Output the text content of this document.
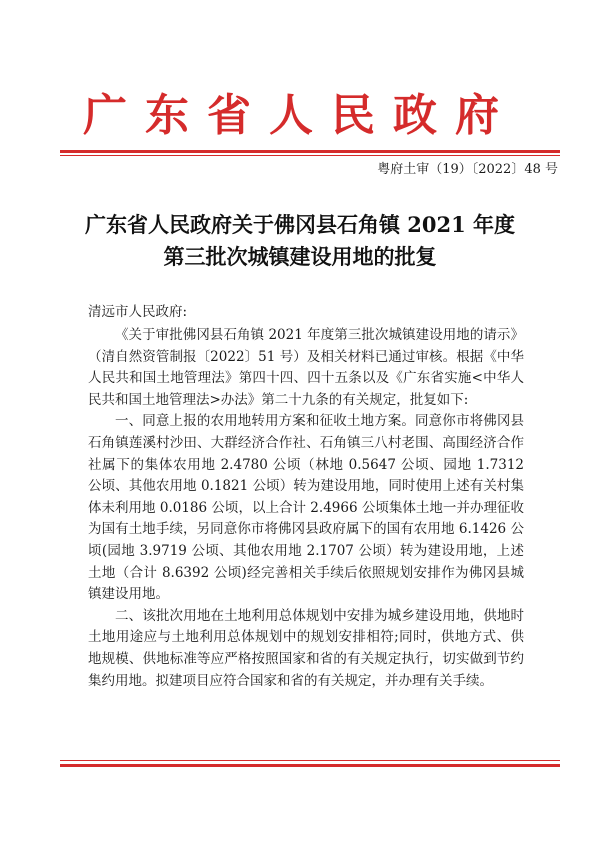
广东省人民政府
粤府土审（19）〔2022〕48 号
广东省人民政府关于佛冈县石角镇 2021 年度
第三批次城镇建设用地的批复
清远市人民政府:

《关于审批佛冈县石角镇 2021 年度第三批次城镇建设用地的请示》（清自然资管制报〔2022〕51 号）及相关材料已通过审核。根据《中华人民共和国土地管理法》第四十四、四十五条以及《广东省实施<中华人民共和国土地管理法>办法》第二十九条的有关规定，批复如下:

一、同意上报的农用地转用方案和征收土地方案。同意你市将佛冈县石角镇莲溪村沙田、大群经济合作社、石角镇三八村老围、高围经济合作社属下的集体农用地 2.4780 公顷（林地 0.5647 公顷、园地 1.7312 公顷、其他农用地 0.1821 公顷）转为建设用地，同时使用上述有关村集体未利用地 0.0186 公顷，以上合计 2.4966 公顷集体土地一并办理征收为国有土地手续，另同意你市将佛冈县政府属下的国有农用地 6.1426 公顷(园地 3.9719 公顷、其他农用地 2.1707 公顷）转为建设用地，上述土地（合计 8.6392 公顷)经完善相关手续后依照规划安排作为佛冈县城镇建设用地。

二、该批次用地在土地利用总体规划中安排为城乡建设用地，供地时土地用途应与土地利用总体规划中的规划安排相符;同时，供地方式、供地规模、供地标准等应严格按照国家和省的有关规定执行，切实做到节约集约用地。拟建项目应符合国家和省的有关规定，并办理有关手续。
